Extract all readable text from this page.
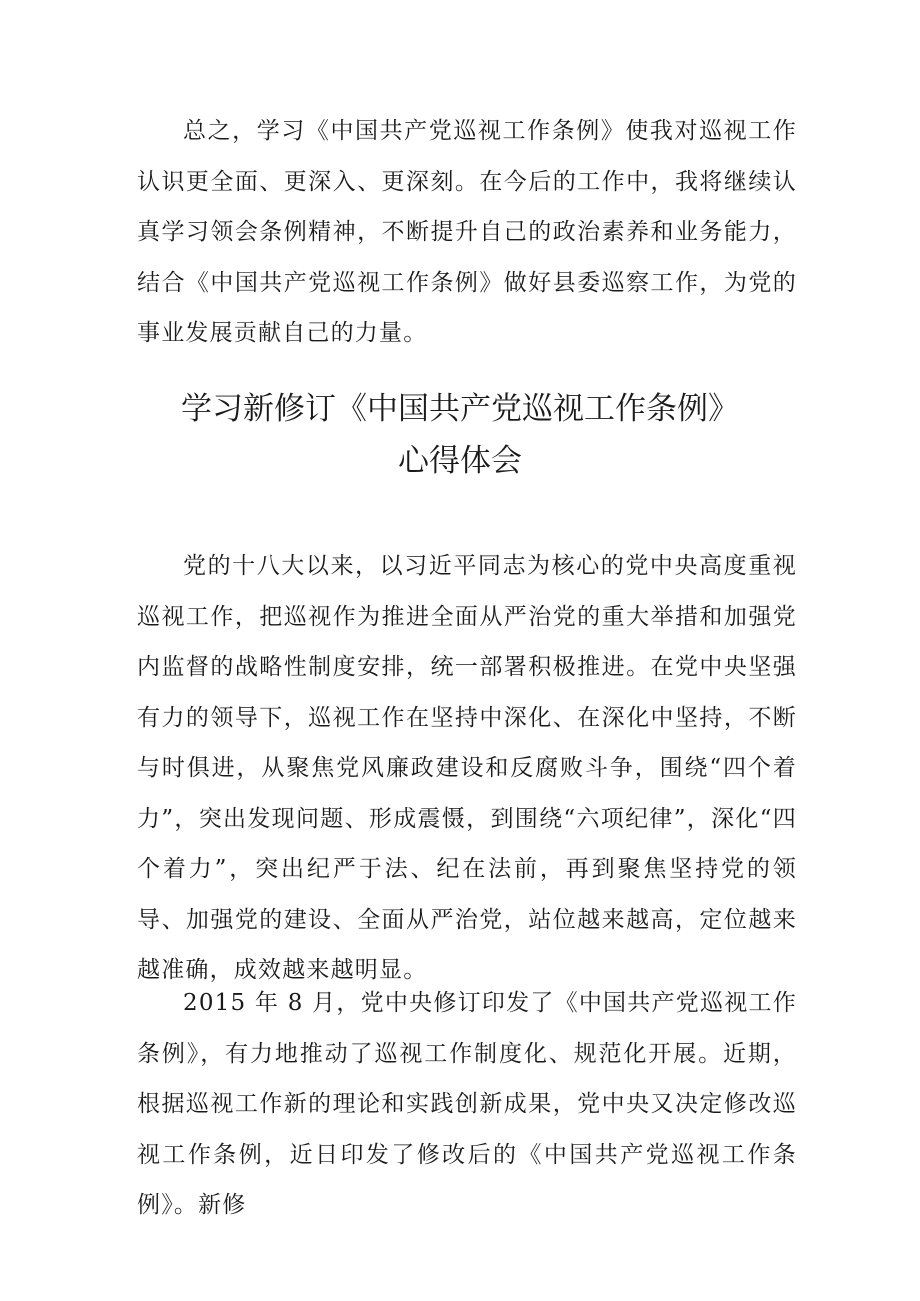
总之，学习《中国共产党巡视工作条例》使我对巡视工作认识更全面、更深入、更深刻。在今后的工作中，我将继续认真学习领会条例精神，不断提升自己的政治素养和业务能力，结合《中国共产党巡视工作条例》做好县委巡察工作，为党的事业发展贡献自己的力量。

学习新修订《中国共产党巡视工作条例》
心得体会

党的十八大以来，以习近平同志为核心的党中央高度重视巡视工作，把巡视作为推进全面从严治党的重大举措和加强党内监督的战略性制度安排，统一部署积极推进。在党中央坚强有力的领导下，巡视工作在坚持中深化、在深化中坚持，不断与时俱进，从聚焦党风廉政建设和反腐败斗争，围绕“四个着力”，突出发现问题、形成震慑，到围绕“六项纪律”，深化“四个着力”，突出纪严于法、纪在法前，再到聚焦坚持党的领导、加强党的建设、全面从严治党，站位越来越高，定位越来越准确，成效越来越明显。

2015 年 8 月，党中央修订印发了《中国共产党巡视工作条例》，有力地推动了巡视工作制度化、规范化开展。近期，根据巡视工作新的理论和实践创新成果，党中央又决定修改巡视工作条例，近日印发了修改后的《中国共产党巡视工作条例》。新修
